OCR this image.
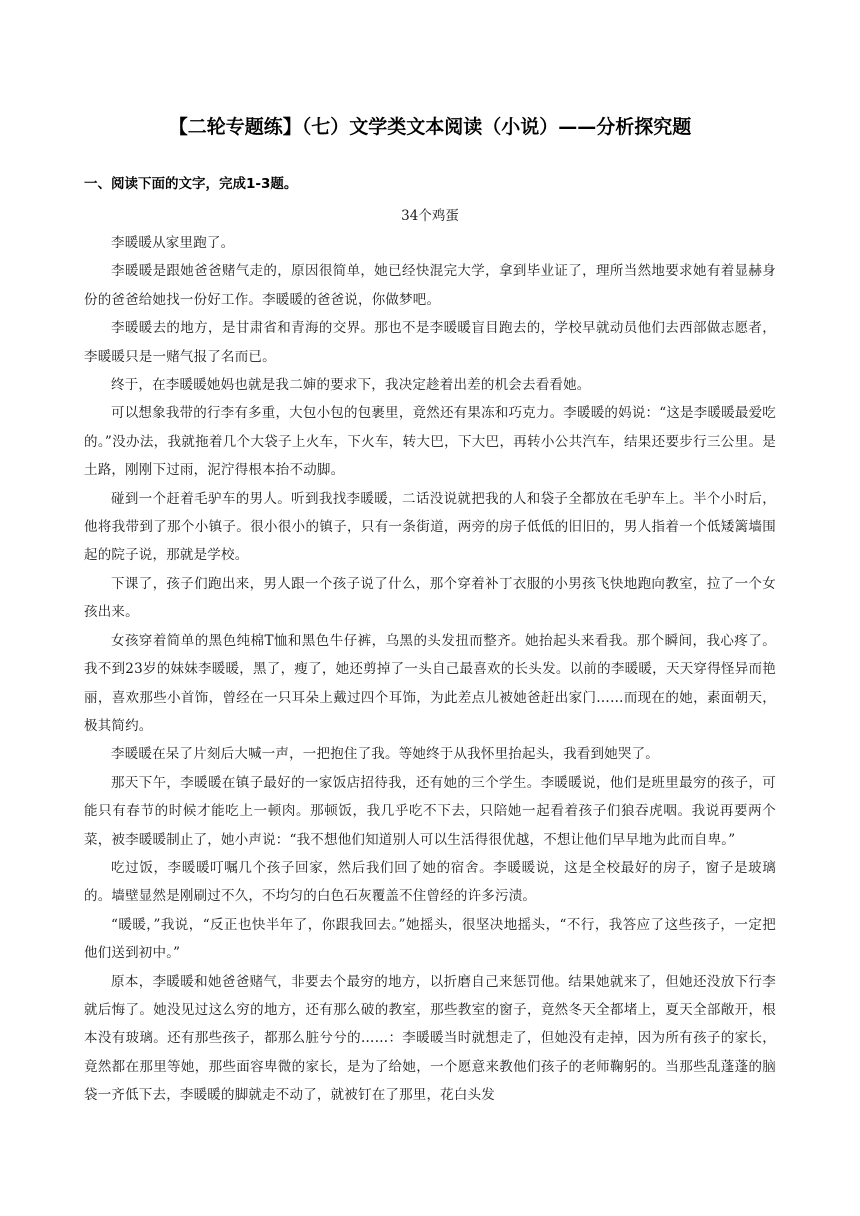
【二轮专题练】（七）文学类文本阅读（小说）——分析探究题
一、阅读下面的文字，完成1-3题。
34个鸡蛋

李暖暖从家里跑了。

李暖暖是跟她爸爸赌气走的，原因很简单，她已经快混完大学，拿到毕业证了，理所当然地要求她有着显赫身份的爸爸给她找一份好工作。李暖暖的爸爸说，你做梦吧。

李暖暖去的地方，是甘肃省和青海的交界。那也不是李暖暖盲目跑去的，学校早就动员他们去西部做志愿者，李暖暖只是一赌气报了名而已。

终于，在李暖暖她妈也就是我二婶的要求下，我决定趁着出差的机会去看看她。

可以想象我带的行李有多重，大包小包的包裹里，竟然还有果冻和巧克力。李暖暖的妈说：“这是李暖暖最爱吃的。”没办法，我就拖着几个大袋子上火车，下火车，转大巴，下大巴，再转小公共汽车，结果还要步行三公里。是土路，刚刚下过雨，泥泞得根本抬不动脚。

碰到一个赶着毛驴车的男人。听到我找李暖暖，二话没说就把我的人和袋子全都放在毛驴车上。半个小时后，他将我带到了那个小镇子。很小很小的镇子，只有一条街道，两旁的房子低低的旧旧的，男人指着一个低矮篱墙围起的院子说，那就是学校。

下课了，孩子们跑出来，男人跟一个孩子说了什么，那个穿着补丁衣服的小男孩飞快地跑向教室，拉了一个女孩出来。

女孩穿着简单的黑色纯棉T恤和黑色牛仔裤，乌黑的头发扭而整齐。她抬起头来看我。那个瞬间，我心疼了。我不到23岁的妹妹李暖暖，黑了，瘦了，她还剪掉了一头自己最喜欢的长头发。以前的李暖暖，天天穿得怪异而艳丽，喜欢那些小首饰，曾经在一只耳朵上戴过四个耳饰，为此差点儿被她爸赶出家门……而现在的她，素面朝天，极其简约。

李暖暖在呆了片刻后大喊一声，一把抱住了我。等她终于从我怀里抬起头，我看到她哭了。

那天下午，李暖暖在镇子最好的一家饭店招待我，还有她的三个学生。李暖暖说，他们是班里最穷的孩子，可能只有春节的时候才能吃上一顿肉。那顿饭，我几乎吃不下去，只陪她一起看着孩子们狼吞虎咽。我说再要两个菜，被李暖暖制止了，她小声说：“我不想他们知道别人可以生活得很优越，不想让他们早早地为此而自卑。”

吃过饭，李暖暖叮嘱几个孩子回家，然后我们回了她的宿舍。李暖暖说，这是全校最好的房子，窗子是玻璃的。墙壁显然是刚刷过不久，不均匀的白色石灰覆盖不住曾经的许多污渍。

“暖暖，”我说，“反正也快半年了，你跟我回去。”她摇头，很坚决地摇头，“不行，我答应了这些孩子，一定把他们送到初中。”

原本，李暖暖和她爸爸赌气，非要去个最穷的地方，以折磨自己来惩罚他。结果她就来了，但她还没放下行李就后悔了。她没见过这么穷的地方，还有那么破的教室，那些教室的窗子，竟然冬天全都堵上，夏天全部敞开，根本没有玻璃。还有那些孩子，都那么脏兮兮的……：李暖暖当时就想走了，但她没有走掉，因为所有孩子的家长，竟然都在那里等她，那些面容卑微的家长，是为了给她，一个愿意来教他们孩子的老师鞠躬的。当那些乱蓬蓬的脑袋一齐低下去，李暖暖的脚就走不动了，就被钉在了那里，花白头发
